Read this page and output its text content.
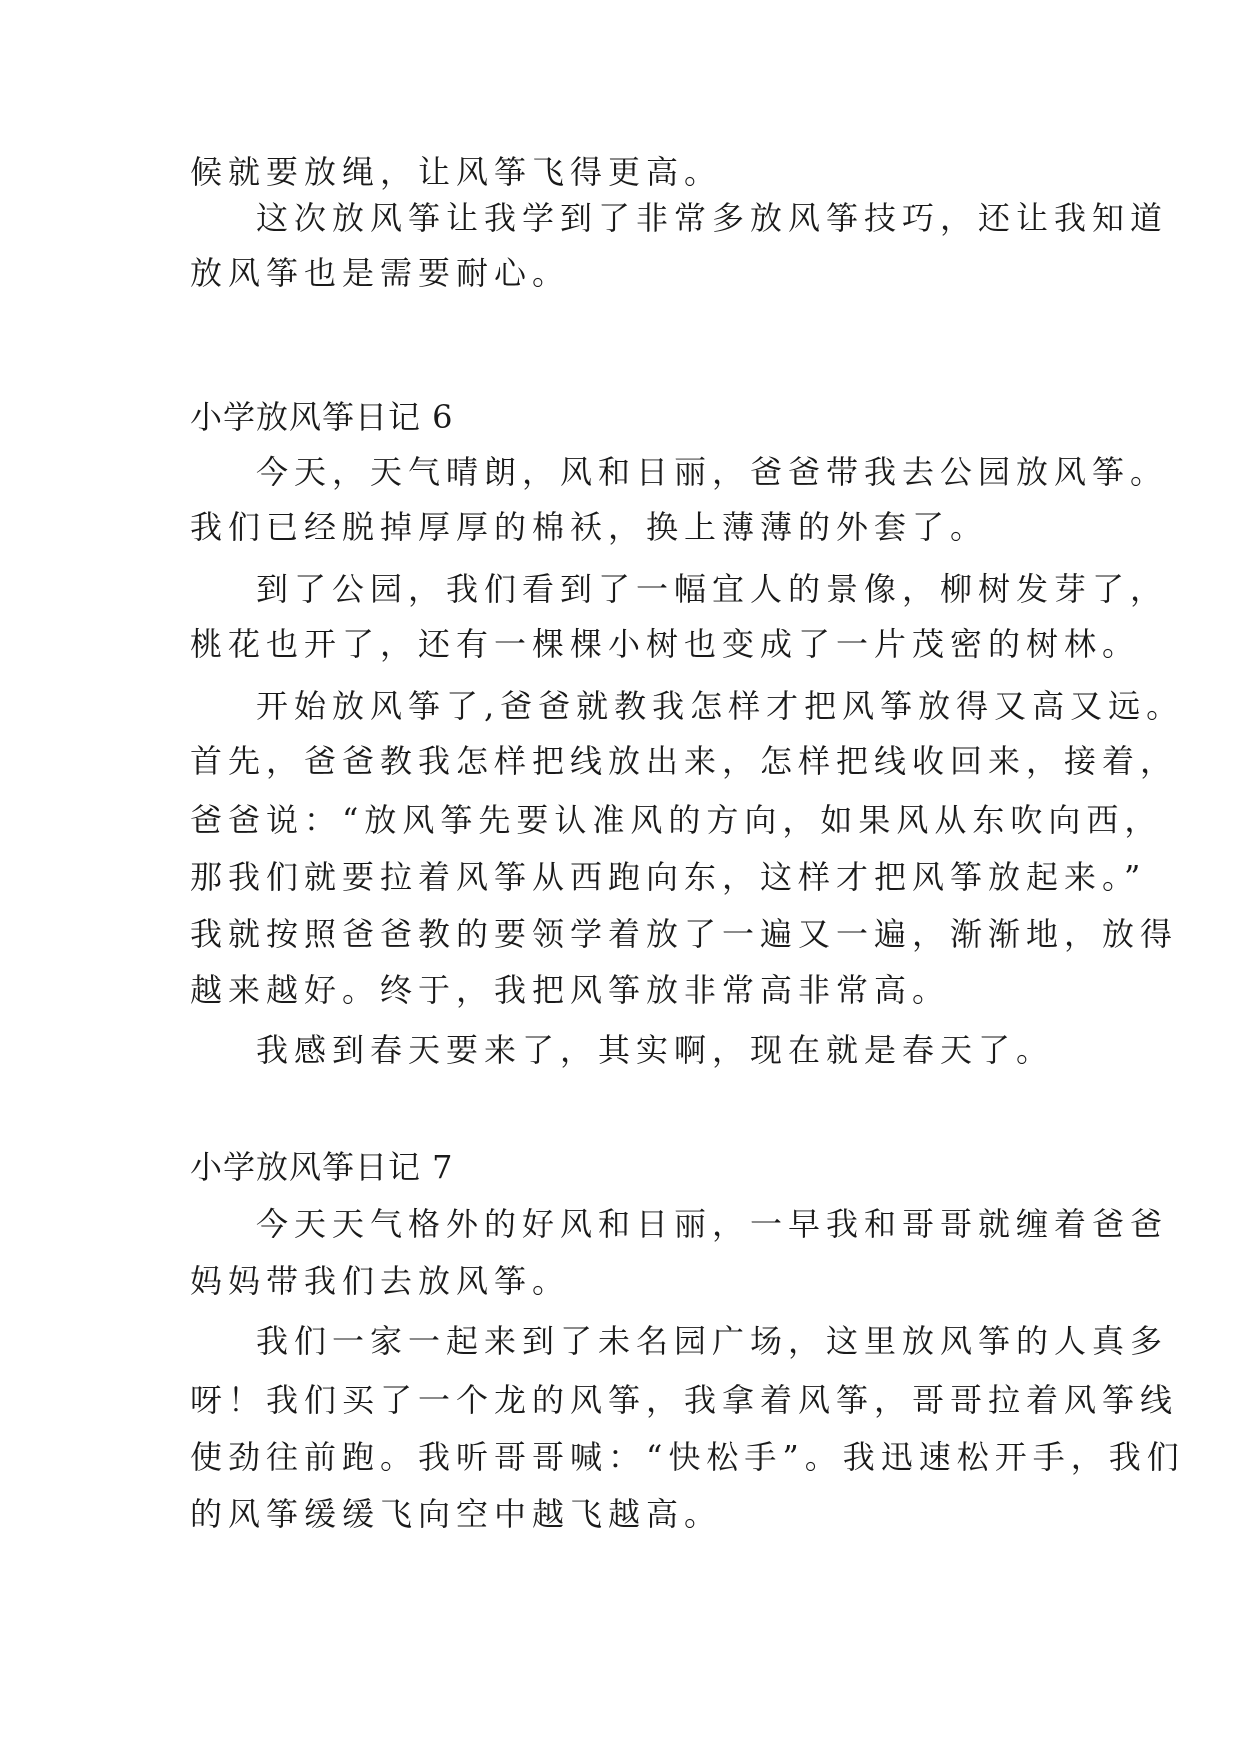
候就要放绳，让风筝飞得更高。

这次放风筝让我学到了非常多放风筝技巧，还让我知道

放风筝也是需要耐心。

小学放风筝日记 6

今天，天气晴朗，风和日丽，爸爸带我去公园放风筝。

我们已经脱掉厚厚的棉袄，换上薄薄的外套了。

到了公园，我们看到了一幅宜人的景像，柳树发芽了，

桃花也开了，还有一棵棵小树也变成了一片茂密的树林。

开始放风筝了,爸爸就教我怎样才把风筝放得又高又远。

首先，爸爸教我怎样把线放出来，怎样把线收回来，接着，

爸爸说：“放风筝先要认准风的方向，如果风从东吹向西，

那我们就要拉着风筝从西跑向东，这样才把风筝放起来。”

我就按照爸爸教的要领学着放了一遍又一遍，渐渐地，放得

越来越好。终于，我把风筝放非常高非常高。

我感到春天要来了，其实啊，现在就是春天了。

小学放风筝日记 7

今天天气格外的好风和日丽，一早我和哥哥就缠着爸爸

妈妈带我们去放风筝。

我们一家一起来到了未名园广场，这里放风筝的人真多

呀！我们买了一个龙的风筝，我拿着风筝，哥哥拉着风筝线

使劲往前跑。我听哥哥喊：“快松手”。我迅速松开手，我们

的风筝缓缓飞向空中越飞越高。
